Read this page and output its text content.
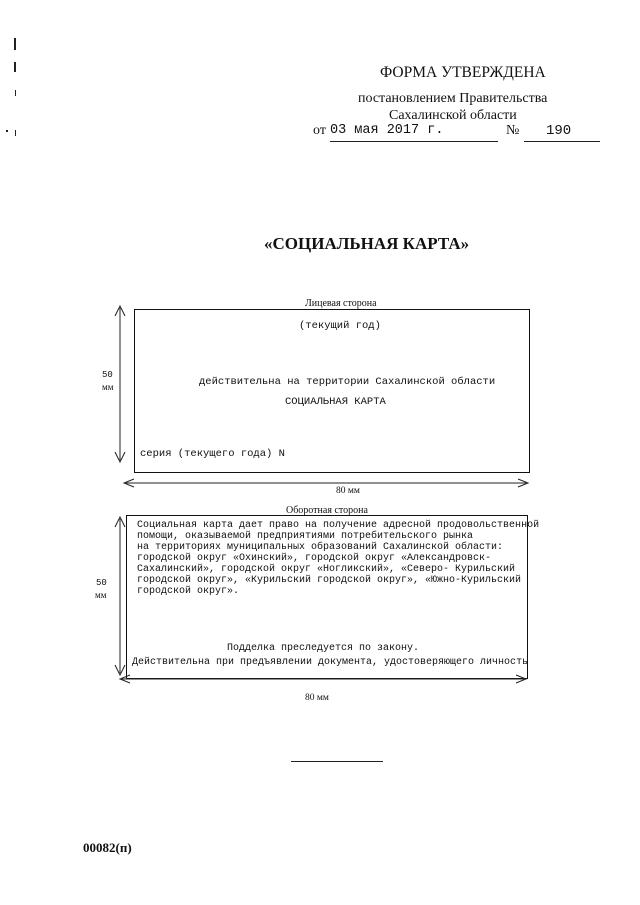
ФОРМА УТВЕРЖДЕНА
постановлением Правительства
Сахалинской области
от 03 мая 2017 г.	№ 190
«СОЦИАЛЬНАЯ КАРТА»
Лицевая сторона
50
мм
(текущий год)
действительна на территории Сахалинской области
СОЦИАЛЬНАЯ КАРТА
серия (текущего года) N
80 мм
Оборотная сторона
50
мм
Социальная карта дает право на получение адресной продовольственной
помощи, оказываемой предприятиями потребительского рынка
на территориях муниципальных образований Сахалинской области:
городской округ «Охинский», городской округ «Александровск-
Сахалинский», городской округ «Ногликский», «Северо- Курильский
городской округ», «Курильский городской округ», «Южно-Курильский
городской округ».
Подделка преследуется по закону.
Действительна при предъявлении документа, удостоверяющего личность
80 мм
00082(п)
